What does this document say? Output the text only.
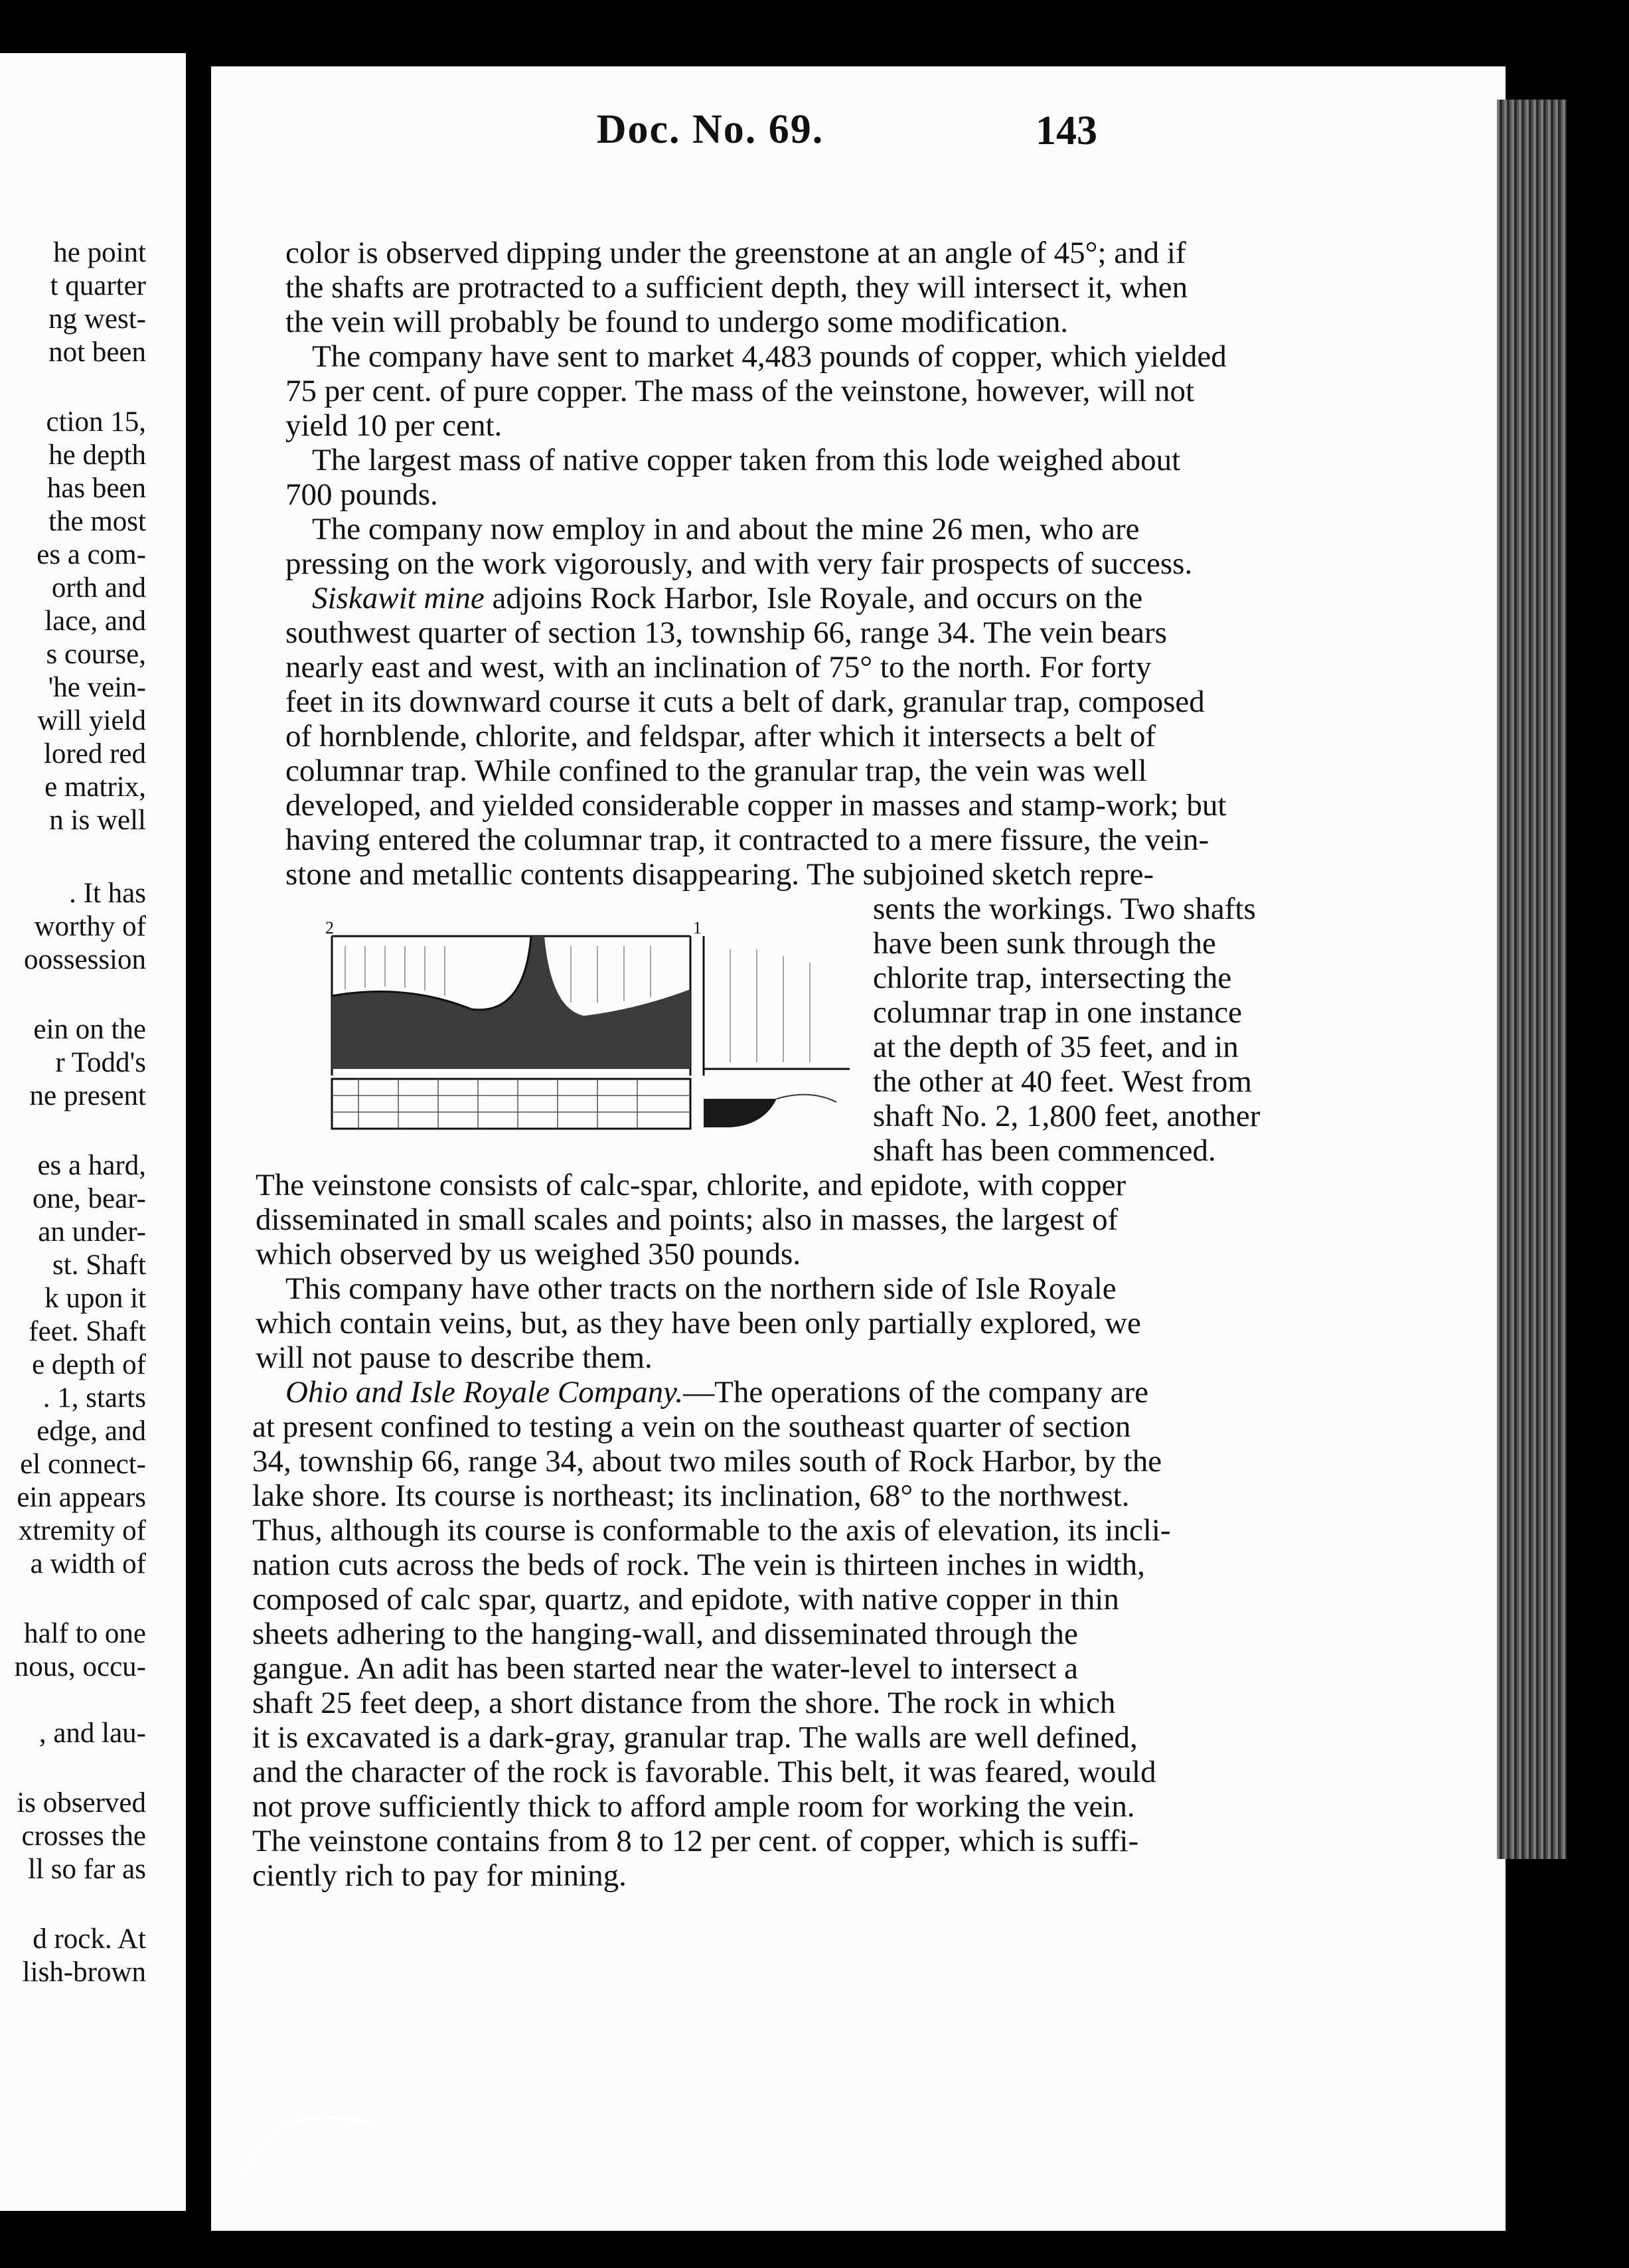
he point
t quarter
ng west-
not been
ction 15,
he depth
has been
the most
es a com-
orth and
lace, and
s course,
'he vein-
will yield
lored red
e matrix,
n is well
. It has
worthy of
oossession
ein on the
r Todd's
ne present
es a hard,
one, bear-
an under-
st. Shaft
k upon it
feet. Shaft
e depth of
. 1, starts
edge, and
el connect-
ein appears
xtremity of
a width of
half to one
nous, occu-
, and lau-
is observed
crosses the
ll so far as
d rock. At
lish-brown
Doc. No. 69.	143
color is observed dipping under the greenstone at an angle of 45°; and if
the shafts are protracted to a sufficient depth, they will intersect it, when
the vein will probably be found to undergo some modification.
The company have sent to market 4,483 pounds of copper, which yielded
75 per cent. of pure copper. The mass of the veinstone, however, will not
yield 10 per cent.
The largest mass of native copper taken from this lode weighed about
700 pounds.
The company now employ in and about the mine 26 men, who are
pressing on the work vigorously, and with very fair prospects of success.
Siskawit mine adjoins Rock Harbor, Isle Royale, and occurs on the
southwest quarter of section 13, township 66, range 34. The vein bears
nearly east and west, with an inclination of 75° to the north. For forty
feet in its downward course it cuts a belt of dark, granular trap, composed
of hornblende, chlorite, and feldspar, after which it intersects a belt of
columnar trap. While confined to the granular trap, the vein was well
developed, and yielded considerable copper in masses and stamp-work; but
having entered the columnar trap, it contracted to a mere fissure, the vein-
stone and metallic contents disappearing. The subjoined sketch repre-
2	1
sents the workings. Two shafts
have been sunk through the
chlorite trap, intersecting the
columnar trap in one instance
at the depth of 35 feet, and in
the other at 40 feet. West from
shaft No. 2, 1,800 feet, another
shaft has been commenced.
The veinstone consists of calc-spar, chlorite, and epidote, with copper
disseminated in small scales and points; also in masses, the largest of
which observed by us weighed 350 pounds.
This company have other tracts on the northern side of Isle Royale
which contain veins, but, as they have been only partially explored, we
will not pause to describe them.
Ohio and Isle Royale Company.—The operations of the company are
at present confined to testing a vein on the southeast quarter of section
34, township 66, range 34, about two miles south of Rock Harbor, by the
lake shore. Its course is northeast; its inclination, 68° to the northwest.
Thus, although its course is conformable to the axis of elevation, its incli-
nation cuts across the beds of rock. The vein is thirteen inches in width,
composed of calc spar, quartz, and epidote, with native copper in thin
sheets adhering to the hanging-wall, and disseminated through the
gangue. An adit has been started near the water-level to intersect a
shaft 25 feet deep, a short distance from the shore. The rock in which
it is excavated is a dark-gray, granular trap. The walls are well defined,
and the character of the rock is favorable. This belt, it was feared, would
not prove sufficiently thick to afford ample room for working the vein.
The veinstone contains from 8 to 12 per cent. of copper, which is suffi-
ciently rich to pay for mining.
